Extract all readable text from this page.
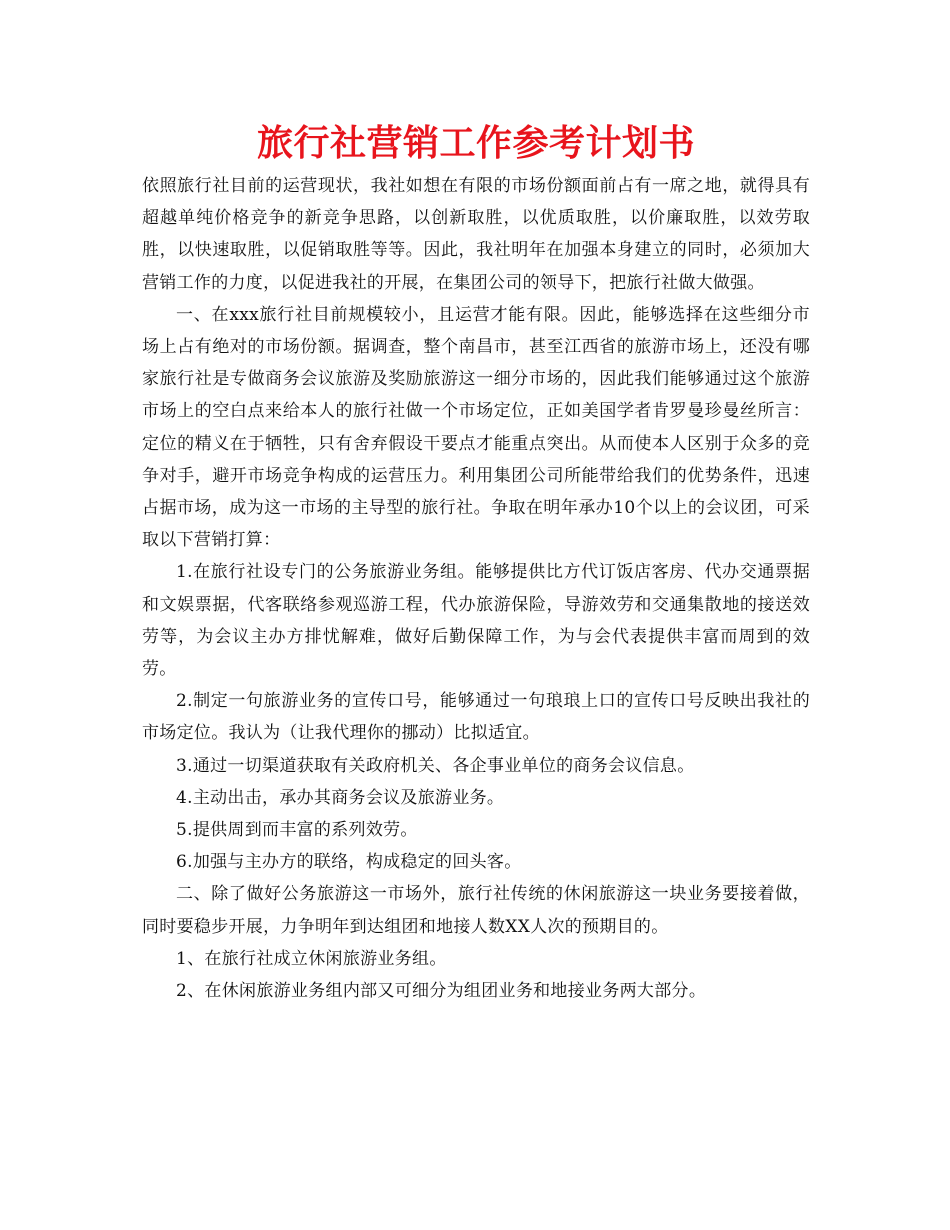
旅行社营销工作参考计划书

依照旅行社目前的运营现状，我社如想在有限的市场份额面前占有一席之地，就得具有超越单纯价格竞争的新竞争思路，以创新取胜，以优质取胜，以价廉取胜，以效劳取胜，以快速取胜，以促销取胜等等。因此，我社明年在加强本身建立的同时，必须加大营销工作的力度，以促进我社的开展，在集团公司的领导下，把旅行社做大做强。

一、在xxx旅行社目前规模较小，且运营才能有限。因此，能够选择在这些细分市场上占有绝对的市场份额。据调查，整个南昌市，甚至江西省的旅游市场上，还没有哪家旅行社是专做商务会议旅游及奖励旅游这一细分市场的，因此我们能够通过这个旅游市场上的空白点来给本人的旅行社做一个市场定位，正如美国学者肯罗曼珍曼丝所言：定位的精义在于牺牲，只有舍弃假设干要点才能重点突出。从而使本人区别于众多的竞争对手，避开市场竞争构成的运营压力。利用集团公司所能带给我们的优势条件，迅速占据市场，成为这一市场的主导型的旅行社。争取在明年承办10个以上的会议团，可采取以下营销打算：

1.在旅行社设专门的公务旅游业务组。能够提供比方代订饭店客房、代办交通票据和文娱票据，代客联络参观巡游工程，代办旅游保险，导游效劳和交通集散地的接送效劳等，为会议主办方排忧解难，做好后勤保障工作，为与会代表提供丰富而周到的效劳。

2.制定一句旅游业务的宣传口号，能够通过一句琅琅上口的宣传口号反映出我社的市场定位。我认为（让我代理你的挪动）比拟适宜。

3.通过一切渠道获取有关政府机关、各企事业单位的商务会议信息。

4.主动出击，承办其商务会议及旅游业务。

5.提供周到而丰富的系列效劳。

6.加强与主办方的联络，构成稳定的回头客。

二、除了做好公务旅游这一市场外，旅行社传统的休闲旅游这一块业务要接着做，同时要稳步开展，力争明年到达组团和地接人数XX人次的预期目的。

1、在旅行社成立休闲旅游业务组。

2、在休闲旅游业务组内部又可细分为组团业务和地接业务两大部分。
